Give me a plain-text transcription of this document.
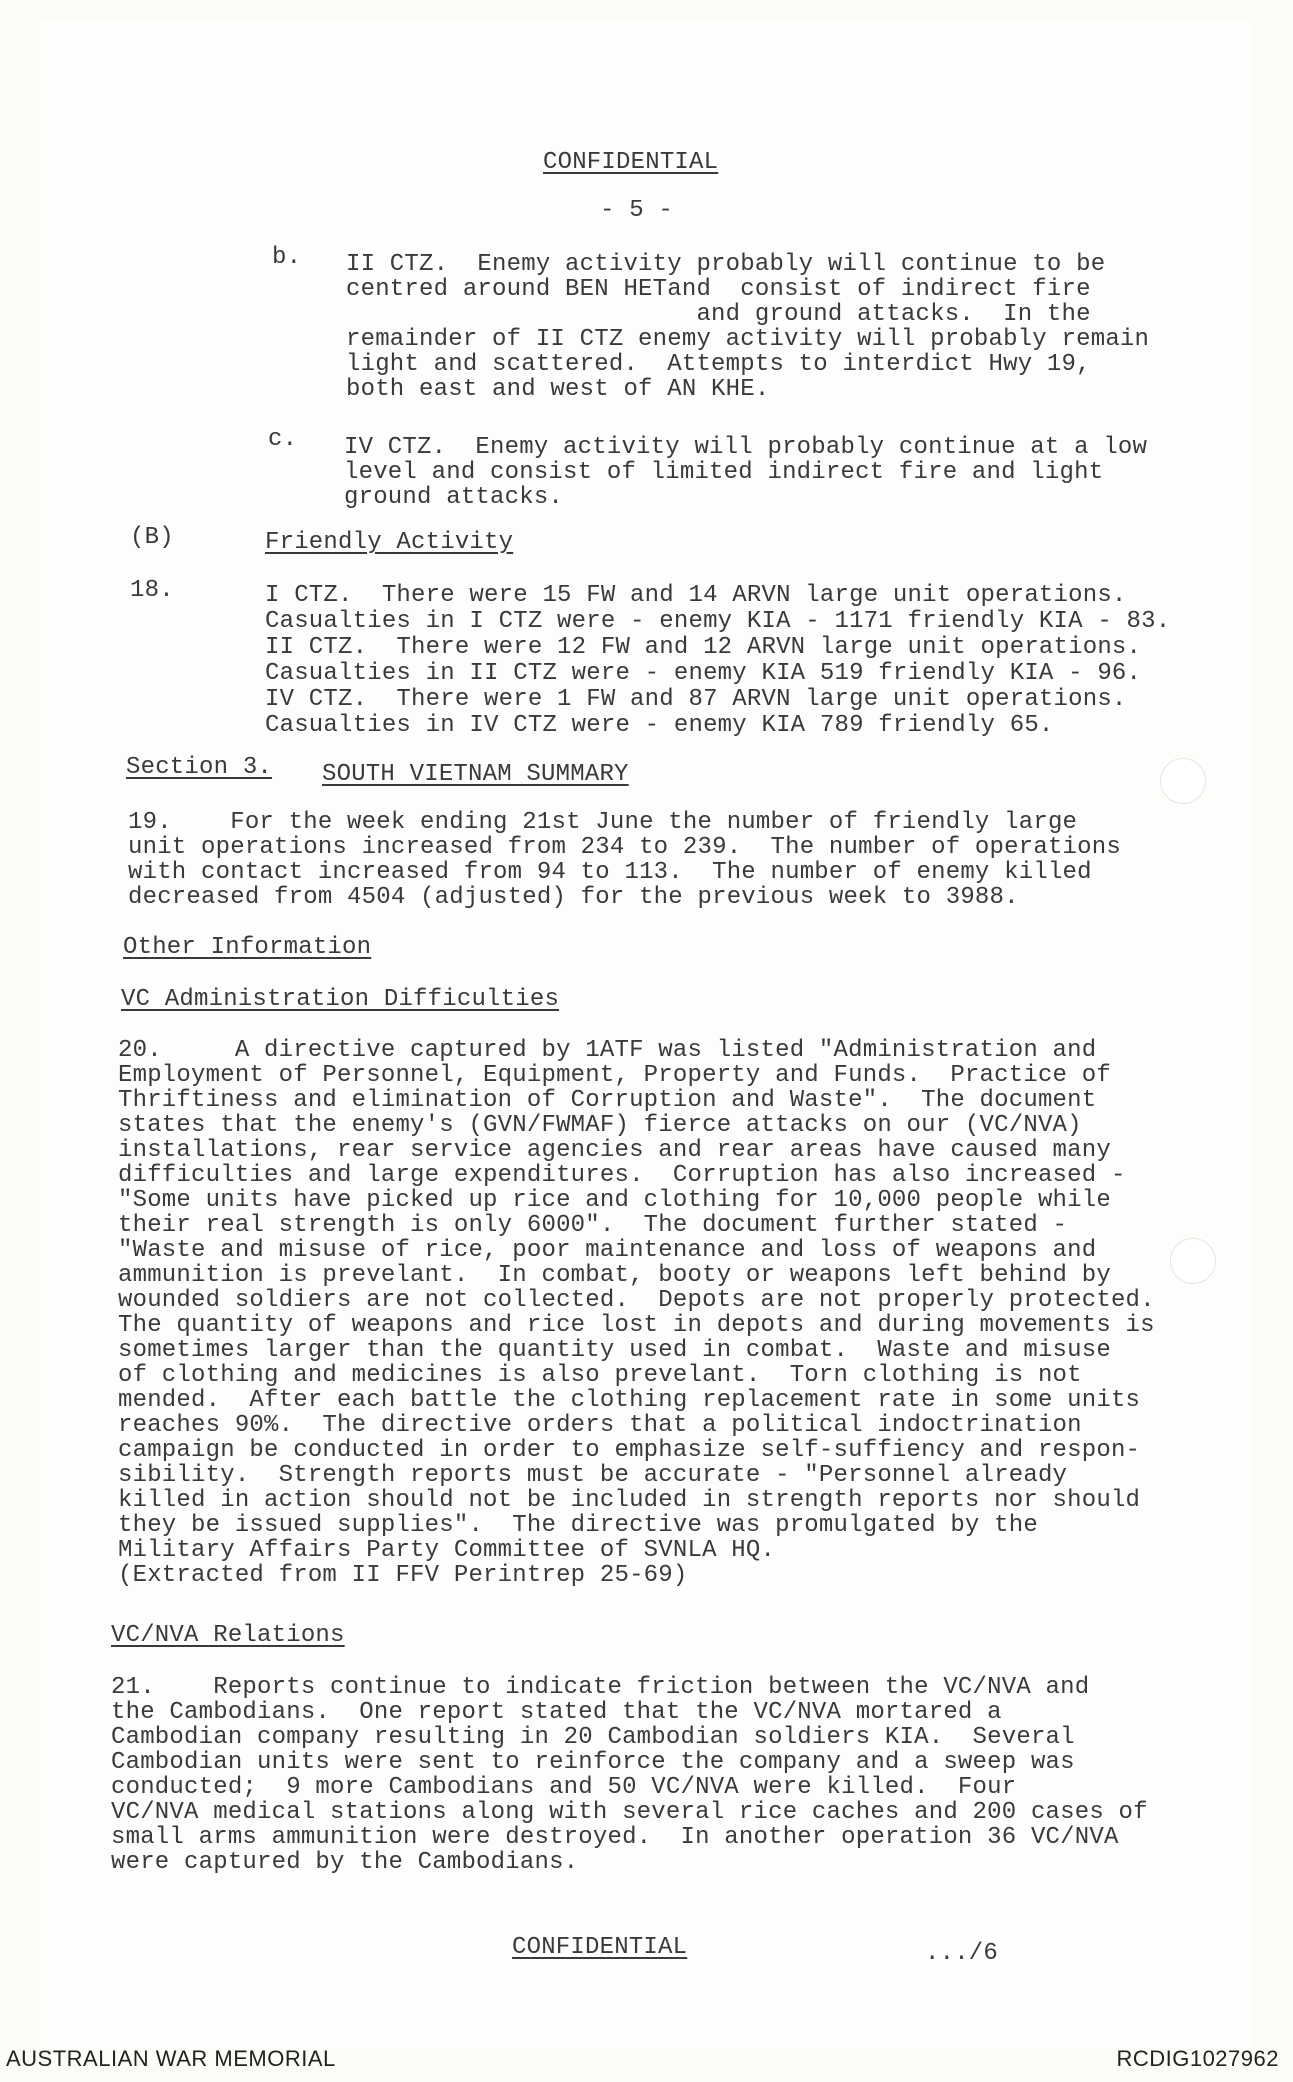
CONFIDENTIAL
- 5 -
b. II CTZ.  Enemy activity probably will continue to be
centred around BEN HETand  consist of indirect fire
and ground attacks.  In the
remainder of II CTZ enemy activity will probably remain
light and scattered.  Attempts to interdict Hwy 19,
both east and west of AN KHE.
c. IV CTZ.  Enemy activity will probably continue at a low
level and consist of limited indirect fire and light
ground attacks.
(B)	Friendly Activity
18.	I CTZ.  There were 15 FW and 14 ARVN large unit operations.
Casualties in I CTZ were - enemy KIA - 1171 friendly KIA - 83.
II CTZ.  There were 12 FW and 12 ARVN large unit operations.
Casualties in II CTZ were - enemy KIA 519 friendly KIA - 96.
IV CTZ.  There were 1 FW and 87 ARVN large unit operations.
Casualties in IV CTZ were - enemy KIA 789 friendly 65.
Section 3. SOUTH VIETNAM SUMMARY
19.    For the week ending 21st June the number of friendly large
unit operations increased from 234 to 239.  The number of operations
with contact increased from 94 to 113.  The number of enemy killed
decreased from 4504 (adjusted) for the previous week to 3988.
Other Information
VC Administration Difficulties
20.     A directive captured by 1ATF was listed "Administration and
Employment of Personnel, Equipment, Property and Funds.  Practice of
Thriftiness and elimination of Corruption and Waste".  The document
states that the enemy's (GVN/FWMAF) fierce attacks on our (VC/NVA)
installations, rear service agencies and rear areas have caused many
difficulties and large expenditures.  Corruption has also increased -
"Some units have picked up rice and clothing for 10,000 people while
their real strength is only 6000".  The document further stated -
"Waste and misuse of rice, poor maintenance and loss of weapons and
ammunition is prevelant.  In combat, booty or weapons left behind by
wounded soldiers are not collected.  Depots are not properly protected.
The quantity of weapons and rice lost in depots and during movements is
sometimes larger than the quantity used in combat.  Waste and misuse
of clothing and medicines is also prevelant.  Torn clothing is not
mended.  After each battle the clothing replacement rate in some units
reaches 90%.  The directive orders that a political indoctrination
campaign be conducted in order to emphasize self-suffiency and respon-
sibility.  Strength reports must be accurate - "Personnel already
killed in action should not be included in strength reports nor should
they be issued supplies".  The directive was promulgated by the
Military Affairs Party Committee of SVNLA HQ.
(Extracted from II FFV Perintrep 25-69)
VC/NVA Relations
21.    Reports continue to indicate friction between the VC/NVA and
the Cambodians.  One report stated that the VC/NVA mortared a
Cambodian company resulting in 20 Cambodian soldiers KIA.  Several
Cambodian units were sent to reinforce the company and a sweep was
conducted;  9 more Cambodians and 50 VC/NVA were killed.  Four
VC/NVA medical stations along with several rice caches and 200 cases of
small arms ammunition were destroyed.  In another operation 36 VC/NVA
were captured by the Cambodians.
CONFIDENTIAL	.../6
AUSTRALIAN WAR MEMORIAL	RCDIG1027962
